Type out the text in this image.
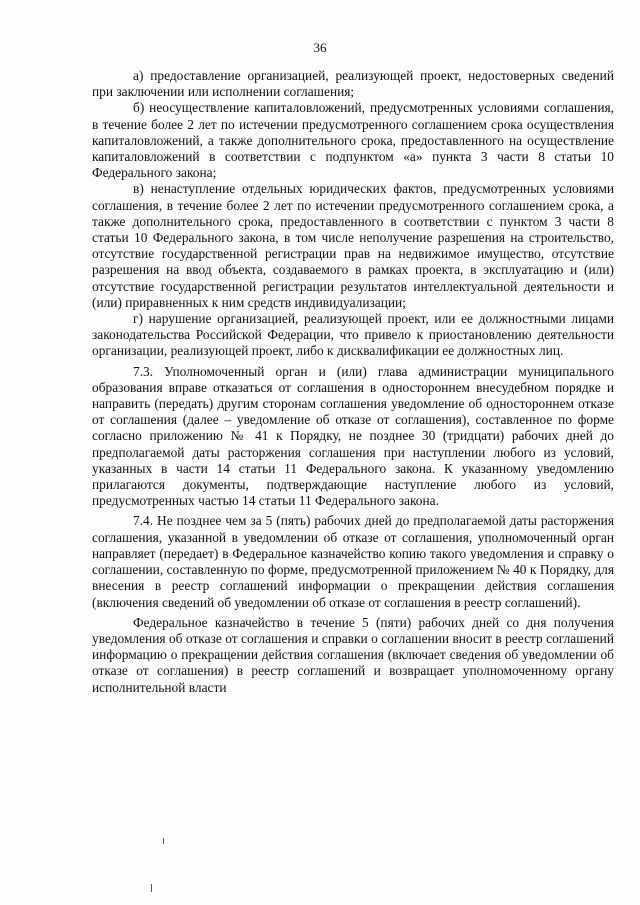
36

а) предоставление организацией, реализующей проект, недостоверных сведений при заключении или исполнении соглашения;

б) неосуществление капиталовложений, предусмотренных условиями соглашения, в течение более 2 лет по истечении предусмотренного соглашением срока осуществления капиталовложений, а также дополнительного срока, предоставленного на осуществление капиталовложений в соответствии с подпунктом «а» пункта 3 части 8 статьи 10 Федерального закона;

в) ненаступление отдельных юридических фактов, предусмотренных условиями соглашения, в течение более 2 лет по истечении предусмотренного соглашением срока, а также дополнительного срока, предоставленного в соответствии с пунктом 3 части 8 статьи 10 Федерального закона, в том числе неполучение разрешения на строительство, отсутствие государственной регистрации прав на недвижимое имущество, отсутствие разрешения на ввод объекта, создаваемого в рамках проекта, в эксплуатацию и (или) отсутствие государственной регистрации результатов интеллектуальной деятельности и (или) приравненных к ним средств индивидуализации;

г) нарушение организацией, реализующей проект, или ее должностными лицами законодательства Российской Федерации, что привело к приостановлению деятельности организации, реализующей проект, либо к дисквалификации ее должностных лиц.

7.3. Уполномоченный орган и (или) глава администрации муниципального образования вправе отказаться от соглашения в одностороннем внесудебном порядке и направить (передать) другим сторонам соглашения уведомление об одностороннем отказе от соглашения (далее – уведомление об отказе от соглашения), составленное по форме согласно приложению № 41 к Порядку, не позднее 30 (тридцати) рабочих дней до предполагаемой даты расторжения соглашения при наступлении любого из условий, указанных в части 14 статьи 11 Федерального закона. К указанному уведомлению прилагаются документы, подтверждающие наступление любого из условий, предусмотренных частью 14 статьи 11 Федерального закона.

7.4. Не позднее чем за 5 (пять) рабочих дней до предполагаемой даты расторжения соглашения, указанной в уведомлении об отказе от соглашения, уполномоченный орган направляет (передает) в Федеральное казначейство копию такого уведомления и справку о соглашении, составленную по форме, предусмотренной приложением № 40 к Порядку, для внесения в реестр соглашений информации о прекращении действия соглашения (включения сведений об уведомлении об отказе от соглашения в реестр соглашений).

Федеральное казначейство в течение 5 (пяти) рабочих дней со дня получения уведомления об отказе от соглашения и справки о соглашении вносит в реестр соглашений информацию о прекращении действия соглашения (включает сведения об уведомлении об отказе от соглашения) в реестр соглашений и возвращает уполномоченному органу исполнительной власти
